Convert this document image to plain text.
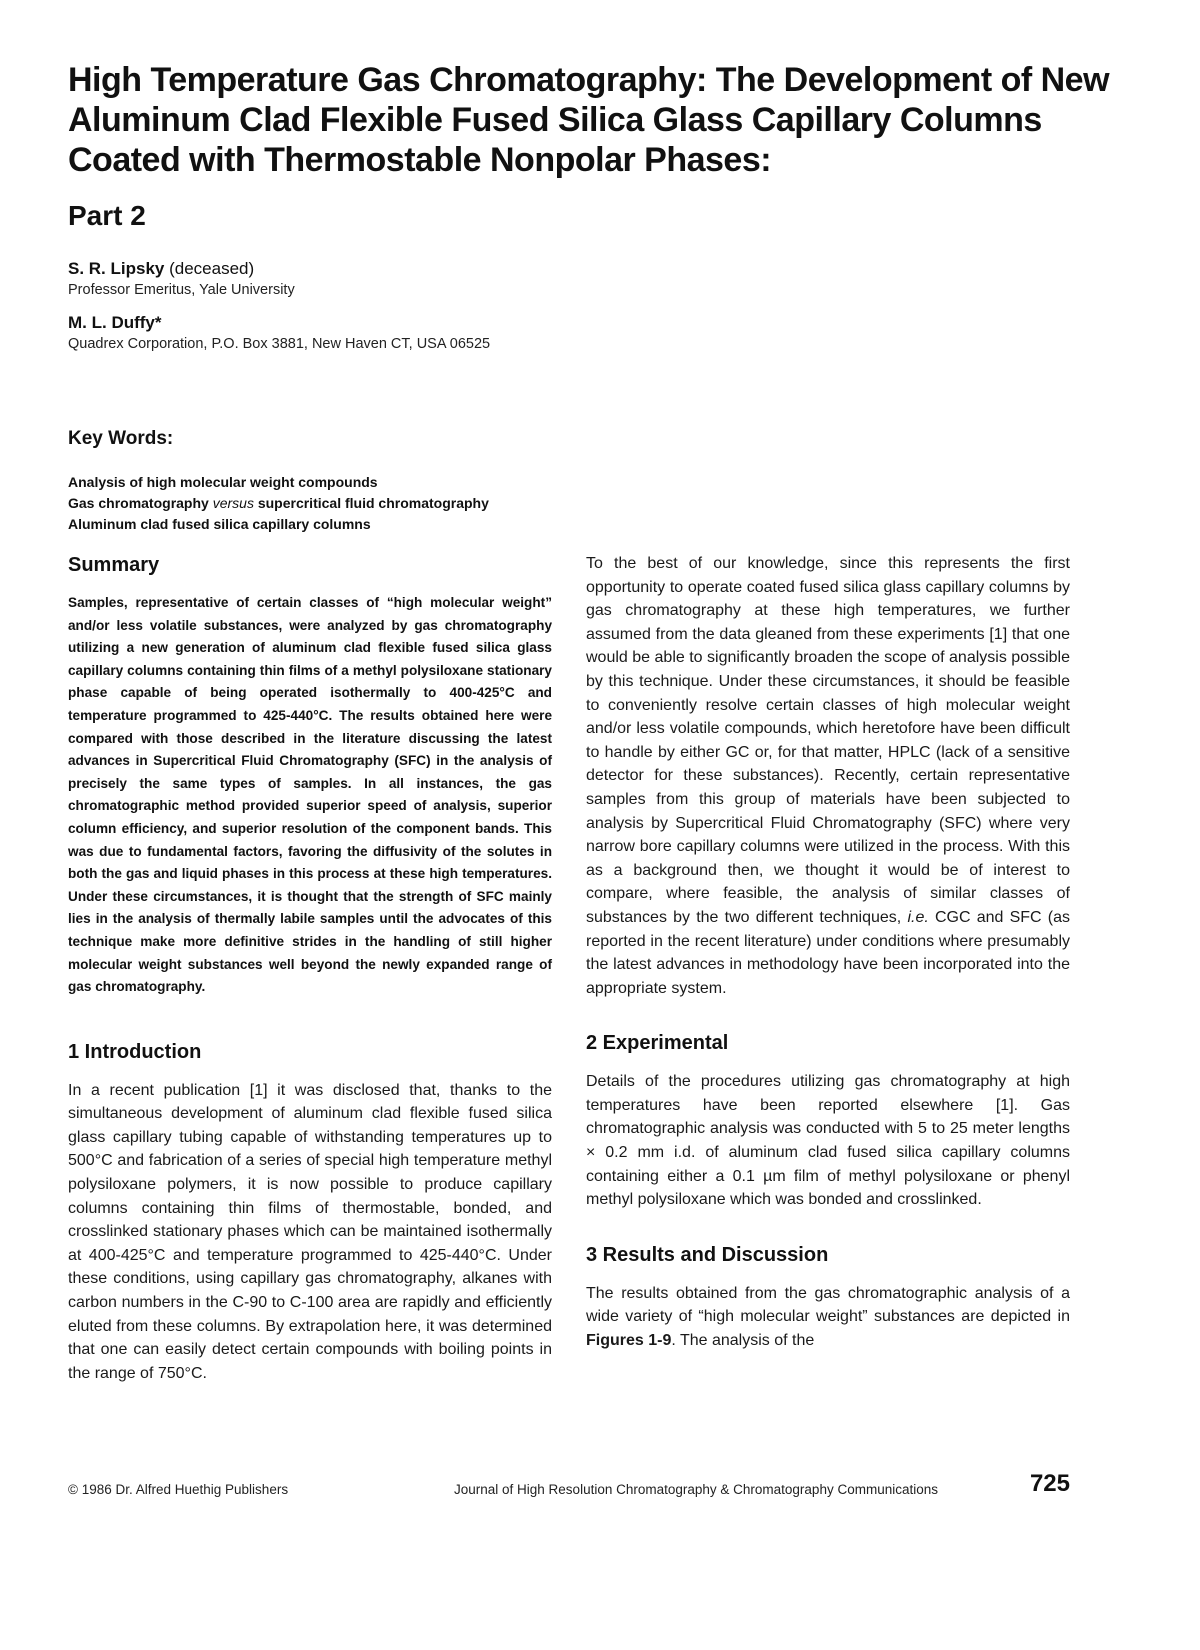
High Temperature Gas Chromatography: The Development of New Aluminum Clad Flexible Fused Silica Glass Capillary Columns Coated with Thermostable Nonpolar Phases:
Part 2
S. R. Lipsky (deceased)
Professor Emeritus, Yale University
M. L. Duffy*
Quadrex Corporation, P.O. Box 3881, New Haven CT, USA 06525
Key Words:
Analysis of high molecular weight compounds
Gas chromatography versus supercritical fluid chromatography
Aluminum clad fused silica capillary columns
Summary

Samples, representative of certain classes of “high molecular weight” and/or less volatile substances, were analyzed by gas chromatography utilizing a new generation of aluminum clad flexible fused silica glass capillary columns containing thin films of a methyl polysiloxane stationary phase capable of being operated isothermally to 400-425°C and temperature programmed to 425-440°C. The results obtained here were compared with those described in the literature discussing the latest advances in Supercritical Fluid Chromatography (SFC) in the analysis of precisely the same types of samples. In all instances, the gas chromatographic method provided superior speed of analysis, superior column efficiency, and superior resolution of the component bands. This was due to fundamental factors, favoring the diffusivity of the solutes in both the gas and liquid phases in this process at these high temperatures. Under these circumstances, it is thought that the strength of SFC mainly lies in the analysis of thermally labile samples until the advocates of this technique make more definitive strides in the handling of still higher molecular weight substances well beyond the newly expanded range of gas chromatography.

1 Introduction

In a recent publication [1] it was disclosed that, thanks to the simultaneous development of aluminum clad flexible fused silica glass capillary tubing capable of withstanding temperatures up to 500°C and fabrication of a series of special high temperature methyl polysiloxane polymers, it is now possible to produce capillary columns containing thin films of thermostable, bonded, and crosslinked stationary phases which can be maintained isothermally at 400-425°C and temperature programmed to 425-440°C. Under these conditions, using capillary gas chromatography, alkanes with carbon numbers in the C-90 to C-100 area are rapidly and efficiently eluted from these columns. By extrapolation here, it was determined that one can easily detect certain compounds with boiling points in the range of 750°C.

To the best of our knowledge, since this represents the first opportunity to operate coated fused silica glass capillary columns by gas chromatography at these high temperatures, we further assumed from the data gleaned from these experiments [1] that one would be able to significantly broaden the scope of analysis possible by this technique. Under these circumstances, it should be feasible to conveniently resolve certain classes of high molecular weight and/or less volatile compounds, which heretofore have been difficult to handle by either GC or, for that matter, HPLC (lack of a sensitive detector for these substances). Recently, certain representative samples from this group of materials have been subjected to analysis by Supercritical Fluid Chromatography (SFC) where very narrow bore capillary columns were utilized in the process. With this as a background then, we thought it would be of interest to compare, where feasible, the analysis of similar classes of substances by the two different techniques, i.e. CGC and SFC (as reported in the recent literature) under conditions where presumably the latest advances in methodology have been incorporated into the appropriate system.

2 Experimental

Details of the procedures utilizing gas chromatography at high temperatures have been reported elsewhere [1]. Gas chromatographic analysis was conducted with 5 to 25 meter lengths × 0.2 mm i.d. of aluminum clad fused silica capillary columns containing either a 0.1 µm film of methyl polysiloxane or phenyl methyl polysiloxane which was bonded and crosslinked.

3 Results and Discussion

The results obtained from the gas chromatographic analysis of a wide variety of “high molecular weight” substances are depicted in Figures 1-9. The analysis of the

© 1986 Dr. Alfred Huethig Publishers	Journal of High Resolution Chromatography & Chromatography Communications	725
